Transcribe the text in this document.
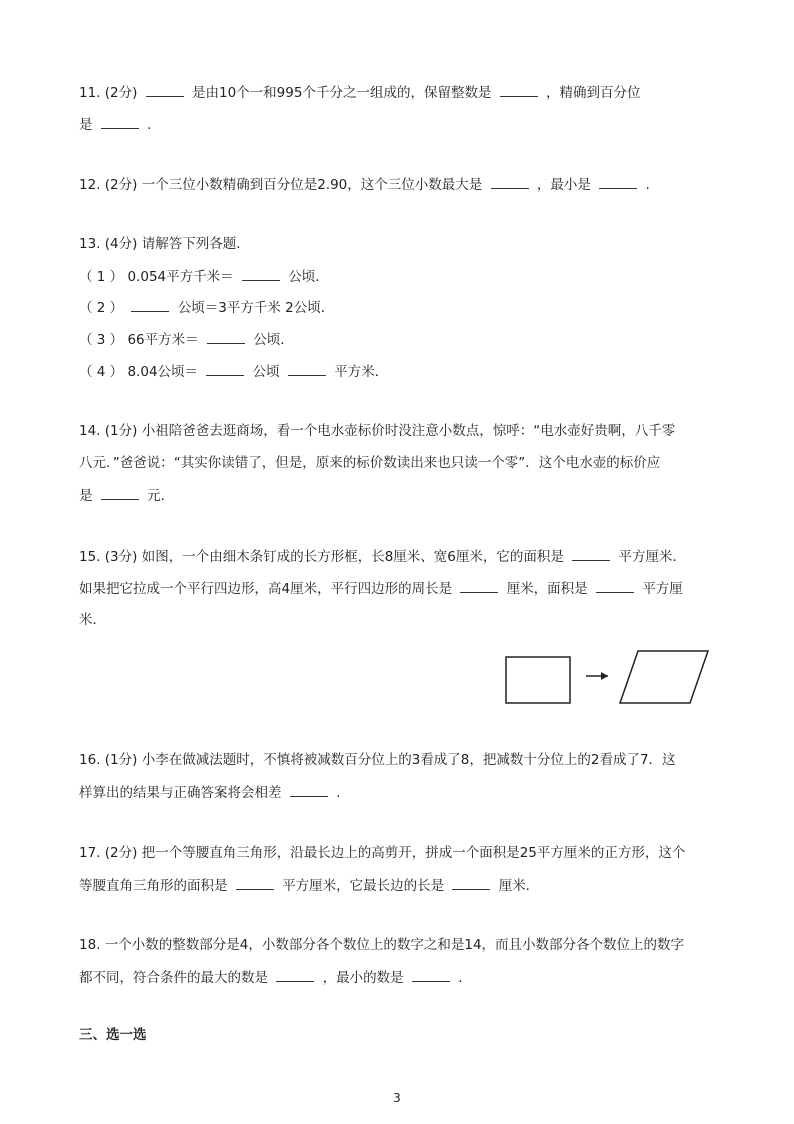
11. (2分)	是由10个一和995个千分之一组成的，保留整数是	，精确到百分位
是	.
12. (2分) 一个三位小数精确到百分位是2.90，这个三位小数最大是	，最小是	.
13. (4分) 请解答下列各题．
（ 1 ） 0.054平方千米＝	公顷．
（ 2 ）	公顷＝3平方千米 2公顷．
（ 3 ） 66平方米＝	公顷．
（ 4 ） 8.04公顷＝	公顷	平方米．
14. (1分) 小祖陪爸爸去逛商场，看一个电水壶标价时没注意小数点，惊呼：“电水壶好贵啊，八千零
八元．”爸爸说：“其实你读错了，但是，原来的标价数读出来也只读一个零”．这个电水壶的标价应
是	元．
15. (3分) 如图，一个由细木条钉成的长方形框，长8厘米、宽6厘米，它的面积是	平方厘米．
如果把它拉成一个平行四边形，高4厘米，平行四边形的周长是	厘米，面积是	平方厘
米．
16. (1分) 小李在做减法题时，不慎将被减数百分位上的3看成了8，把减数十分位上的2看成了7．这
样算出的结果与正确答案将会相差	.
17. (2分) 把一个等腰直角三角形，沿最长边上的高剪开，拼成一个面积是25平方厘米的正方形，这个
等腰直角三角形的面积是	平方厘米，它最长边的长是	厘米．
18. 一个小数的整数部分是4，小数部分各个数位上的数字之和是14，而且小数部分各个数位上的数字
都不同，符合条件的最大的数是	，最小的数是	.
三、选一选
3
